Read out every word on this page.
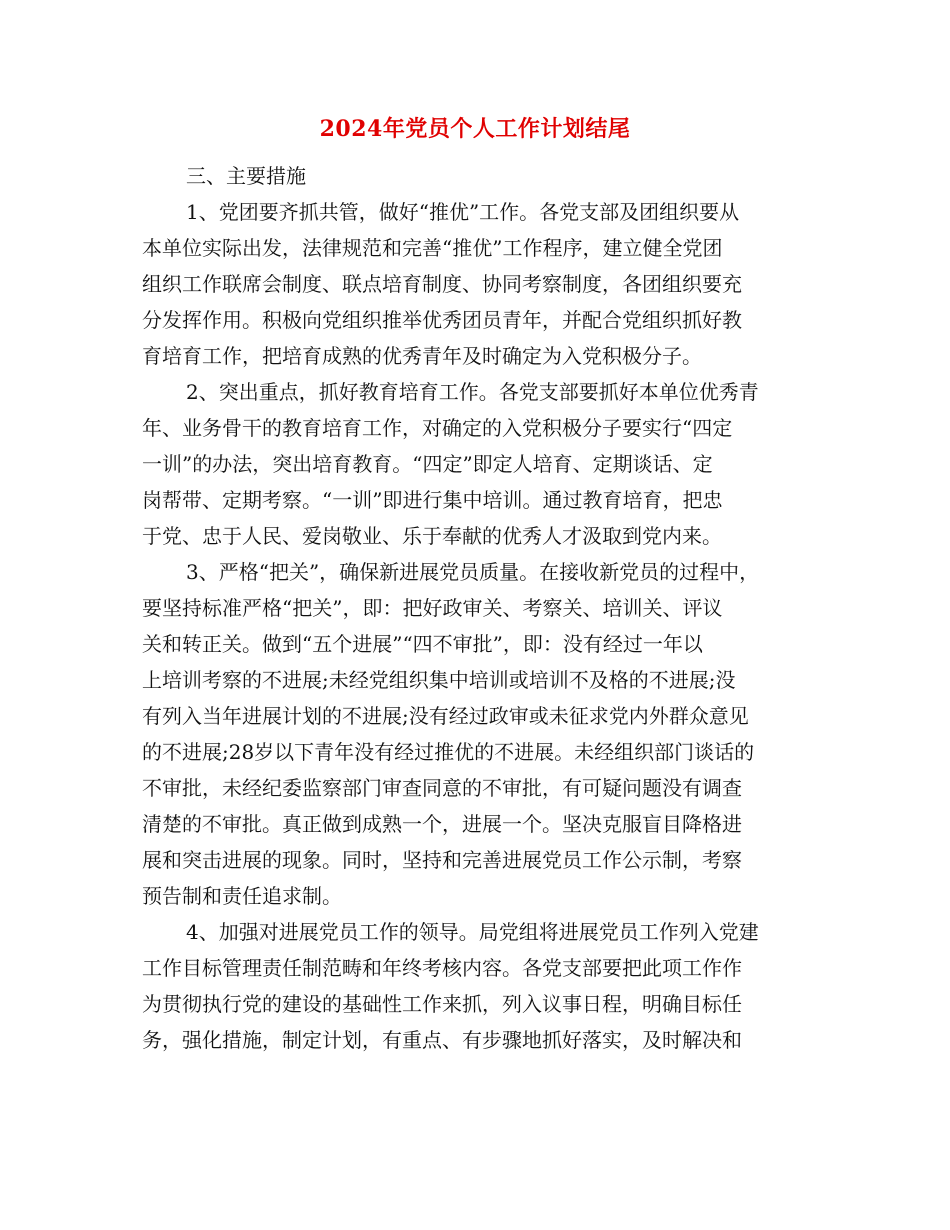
2024年党员个人工作计划结尾
三、主要措施
1、党团要齐抓共管，做好“推优”工作。各党支部及团组织要从
本单位实际出发，法律规范和完善“推优”工作程序，建立健全党团
组织工作联席会制度、联点培育制度、协同考察制度，各团组织要充
分发挥作用。积极向党组织推举优秀团员青年，并配合党组织抓好教
育培育工作，把培育成熟的优秀青年及时确定为入党积极分子。
2、突出重点，抓好教育培育工作。各党支部要抓好本单位优秀青
年、业务骨干的教育培育工作，对确定的入党积极分子要实行“四定
一训”的办法，突出培育教育。“四定”即定人培育、定期谈话、定
岗帮带、定期考察。“一训”即进行集中培训。通过教育培育，把忠
于党、忠于人民、爱岗敬业、乐于奉献的优秀人才汲取到党内来。
3、严格“把关”，确保新进展党员质量。在接收新党员的过程中，
要坚持标准严格“把关”，即：把好政审关、考察关、培训关、评议
关和转正关。做到“五个进展”“四不审批”，即：没有经过一年以
上培训考察的不进展;未经党组织集中培训或培训不及格的不进展;没
有列入当年进展计划的不进展;没有经过政审或未征求党内外群众意见
的不进展;28岁以下青年没有经过推优的不进展。未经组织部门谈话的
不审批，未经纪委监察部门审查同意的不审批，有可疑问题没有调查
清楚的不审批。真正做到成熟一个，进展一个。坚决克服盲目降格进
展和突击进展的现象。同时，坚持和完善进展党员工作公示制，考察
预告制和责任追求制。
4、加强对进展党员工作的领导。局党组将进展党员工作列入党建
工作目标管理责任制范畴和年终考核内容。各党支部要把此项工作作
为贯彻执行党的建设的基础性工作来抓，列入议事日程，明确目标任
务，强化措施，制定计划，有重点、有步骤地抓好落实，及时解决和
